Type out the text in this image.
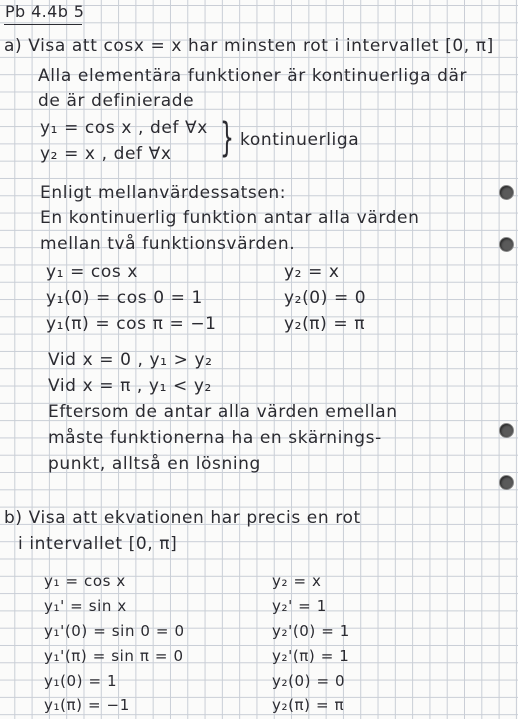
Pb 4.4b 5
a) Visa att cosx = x har minsten rot i intervallet [0, π]
Alla elementära funktioner är kontinuerliga där
de är definierade
y₁ = cos x , def ∀x
y₂ = x , def ∀x } kontinuerliga
Enligt mellanvärdessatsen:
En kontinuerlig funktion antar alla värden
mellan två funktionsvärden.
y₁ = cos x
y₁(0) = cos 0 = 1
y₁(π) = cos π = −1
y₂ = x
y₂(0) = 0
y₂(π) = π
Vid x = 0 , y₁ > y₂
Vid x = π , y₁ < y₂
Eftersom de antar alla värden emellan
måste funktionerna ha en skärnings-
punkt, alltså en lösning
b) Visa att ekvationen har precis en rot
i intervallet [0, π]
y₁ = cos x
y₁' = sin x
y₁'(0) = sin 0 = 0
y₁'(π) = sin π = 0
y₁(0) = 1
y₁(π) = −1
y₂ = x
y₂' = 1
y₂'(0) = 1
y₂'(π) = 1
y₂(0) = 0
y₂(π) = π
